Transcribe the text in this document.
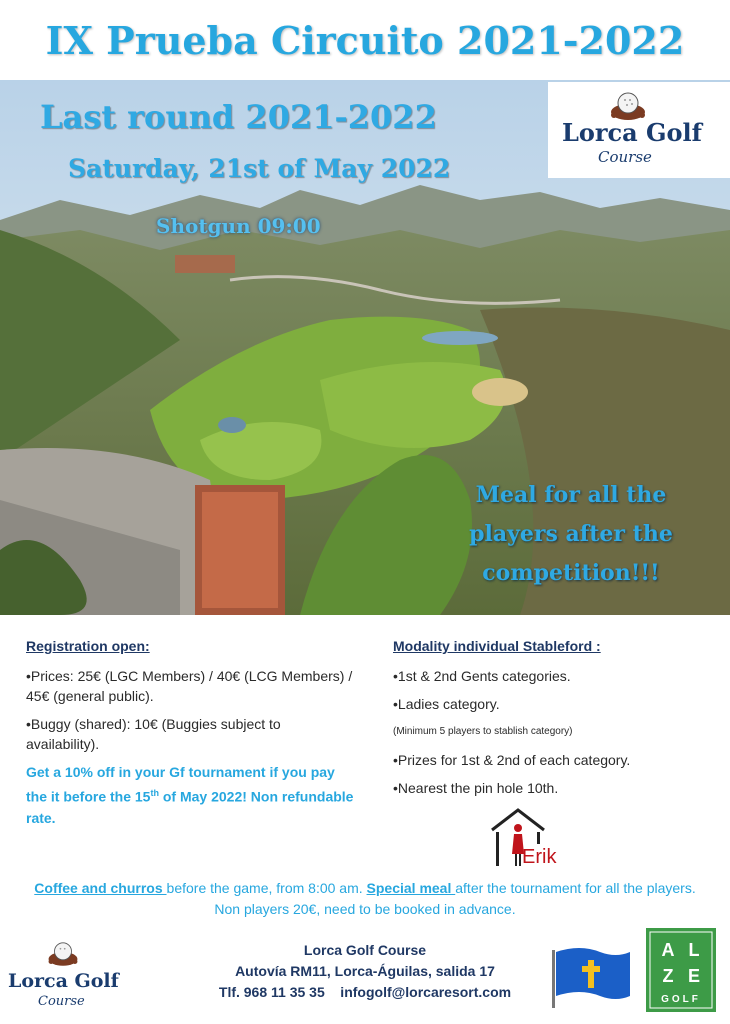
IX Prueba Circuito 2021-2022
Last round 2021-2022
Saturday, 21st of May 2022
Shotgun 09:00
Lorca Golf
Course
Meal for all the
players after the
competition!!!
Registration open:
•Prices: 25€ (LGC Members) / 40€ (LCG Members) / 45€ (general public).
•Buggy (shared): 10€ (Buggies subject to availability).
Get a 10% off in your Gf tournament if you pay the it before the 15th of May 2022! Non refundable rate.
Modality individual Stableford :
•1st & 2nd Gents categories.
•Ladies category.
(Minimum 5 players to stablish category)
•Prizes for 1st & 2nd of each category.
•Nearest the pin hole 10th.
Erik
Coffee and churros before the game, from 8:00 am. Special meal after the tournament for all the players. Non players 20€, need to be booked in advance.
Lorca Golf
Course
Lorca Golf Course
Autovía RM11, Lorca-Águilas, salida 17
Tlf. 968 11 35 35    infogolf@lorcaresort.com
A L
Z E
GOLF
